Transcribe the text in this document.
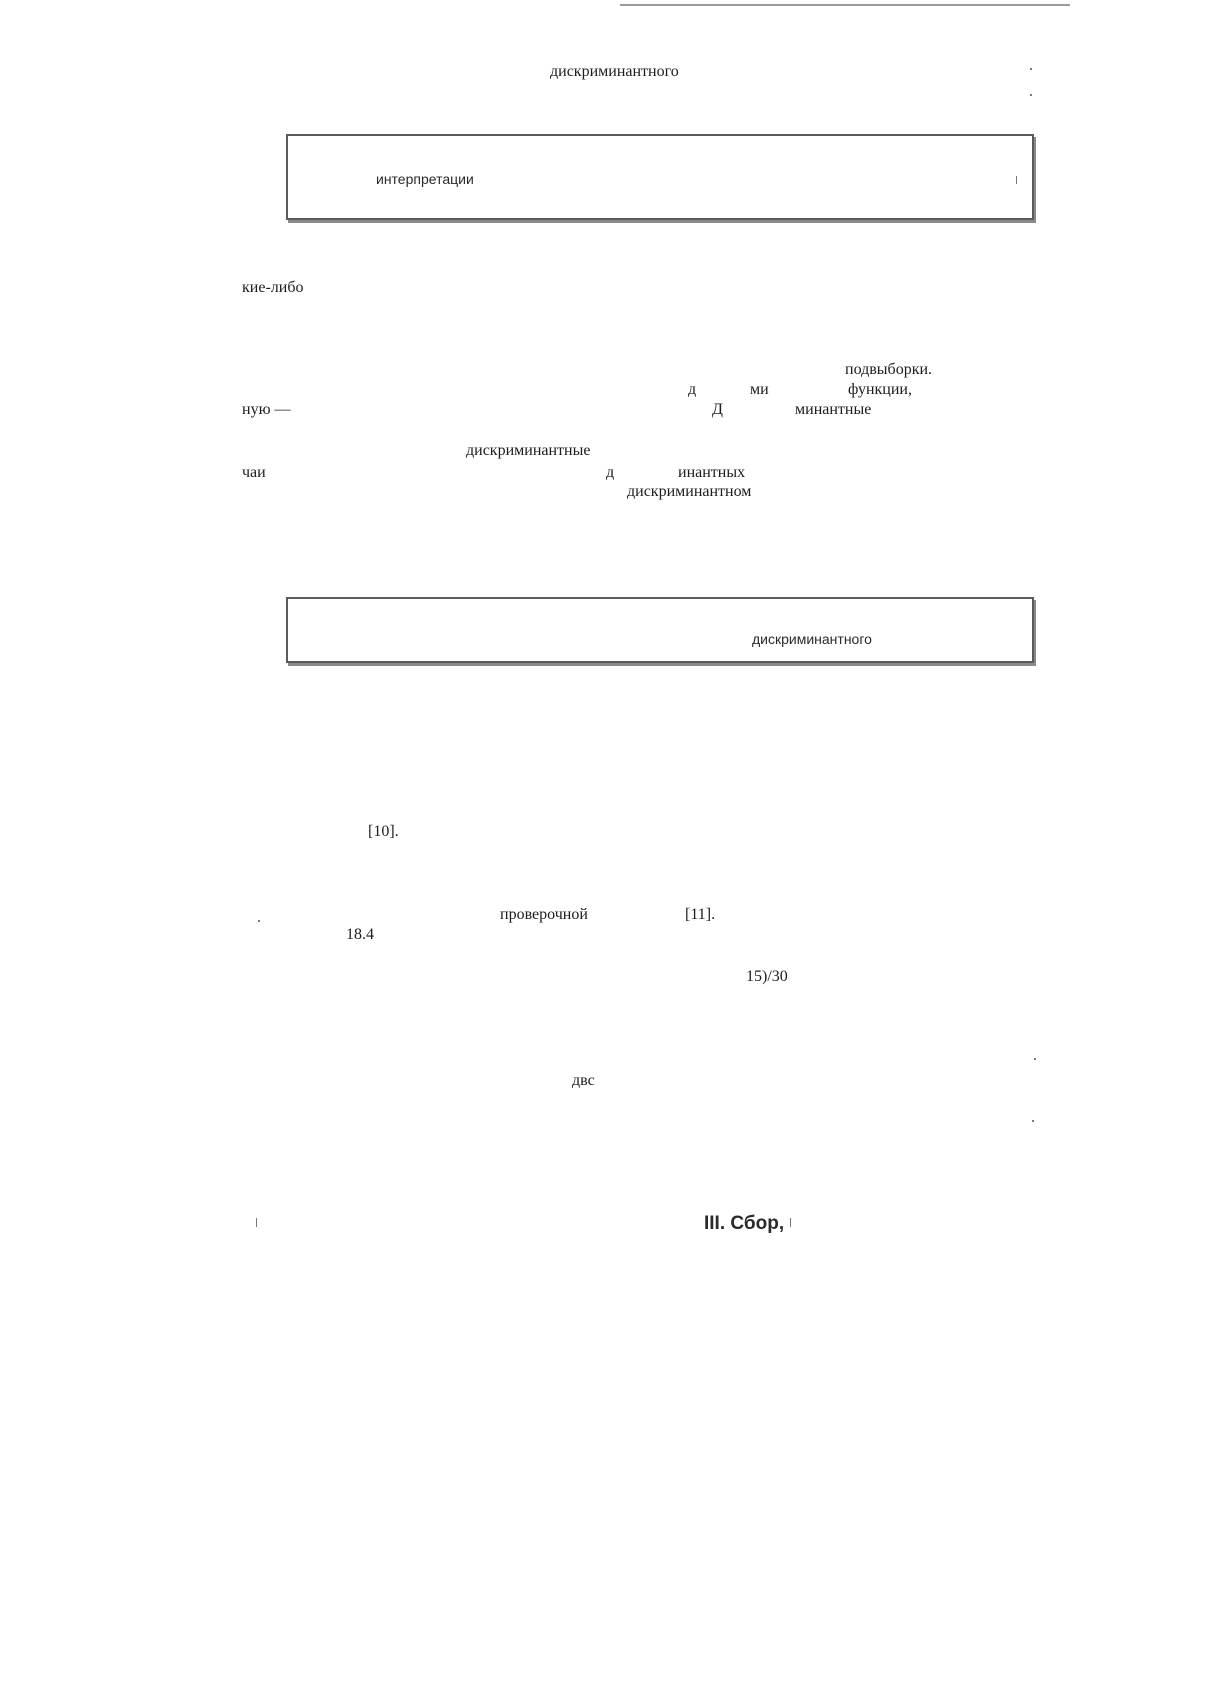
дискриминантного
интерпретации
кие-либо
подвыборки.
д	ми	функции,
ную —	Д	минантные
дискриминантные
чаи	д	инантных
дискриминантном
дискриминантного
[10].
проверочной	[11].
18.4
15)/30
двс
III. Сбор,
